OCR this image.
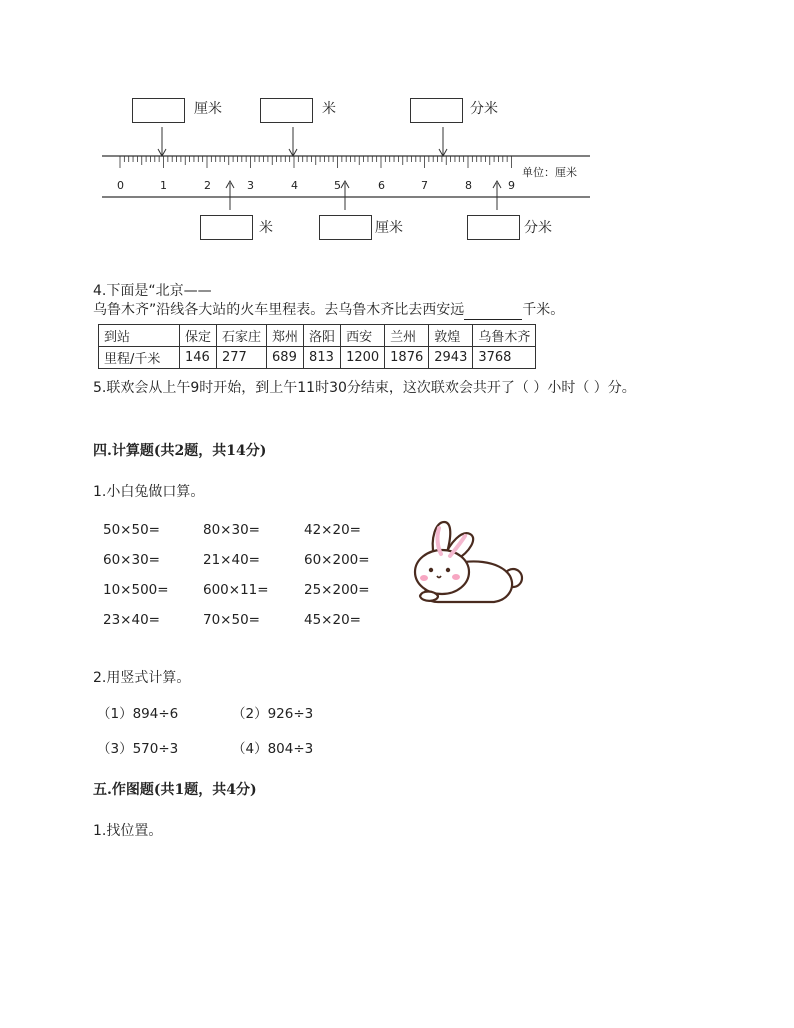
厘米	米	分米
0	1	2	3	4	5	6	7	8	9
单位：厘米
米	厘米	分米
4.下面是“北京——
乌鲁木齐”沿线各大站的火车里程表。去乌鲁木齐比去西安远	千米。
到站	保定	石家庄	郑州	洛阳	西安	兰州	敦煌	乌鲁木齐
里程/千米	146	277	689	813	1200	1876	2943	3768
5.联欢会从上午9时开始，到上午11时30分结束，这次联欢会共开了（ ）小时（ ）分。
四.计算题(共2题，共14分)
1.小白兔做口算。
50×50=	80×30=	42×20=
60×30=	21×40=	60×200=
10×500=	600×11=	25×200=
23×40=	70×50=	45×20=
2.用竖式计算。
（1）894÷6	（2）926÷3
（3）570÷3	（4）804÷3
五.作图题(共1题，共4分)
1.找位置。
